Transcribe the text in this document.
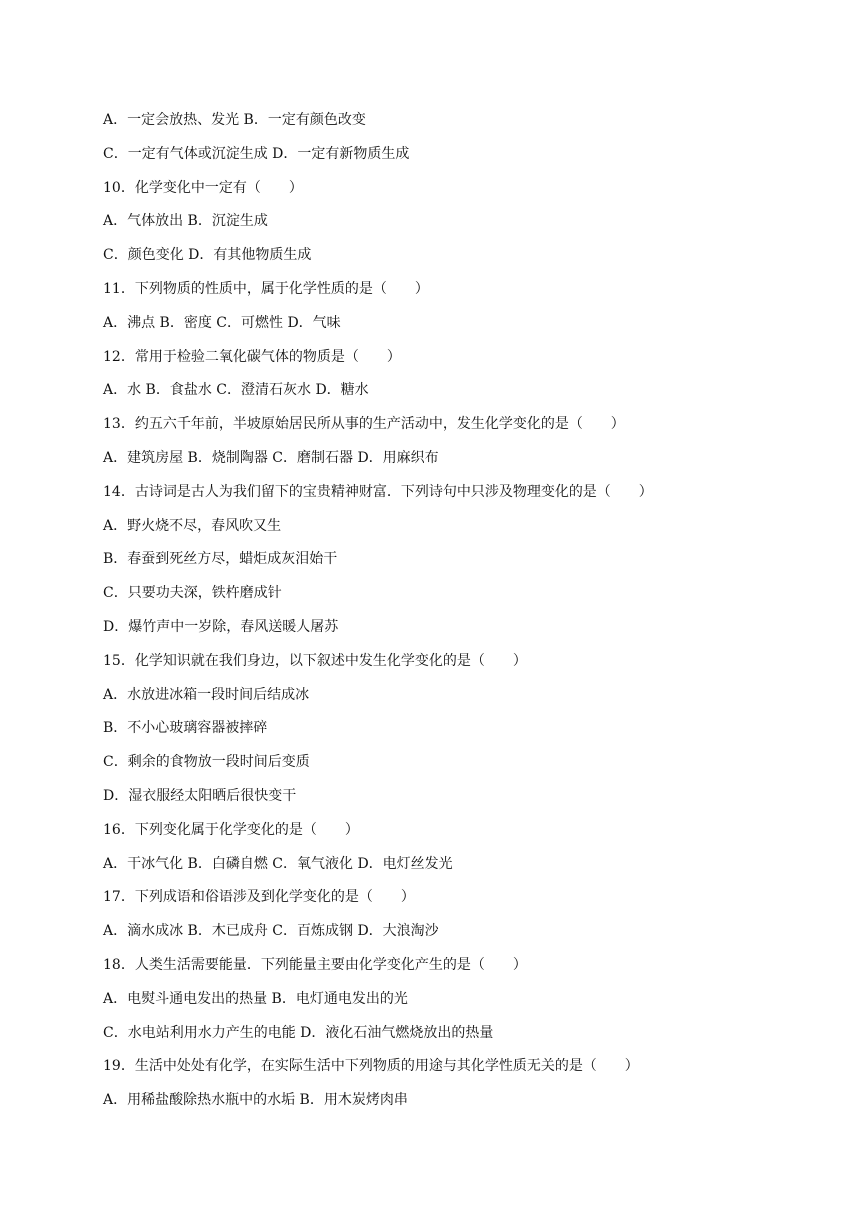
A．一定会放热、发光 B．一定有颜色改变
C．一定有气体或沉淀生成 D．一定有新物质生成
10．化学变化中一定有（　　）
A．气体放出 B．沉淀生成
C．颜色变化 D．有其他物质生成
11．下列物质的性质中，属于化学性质的是（　　）
A．沸点 B．密度 C．可燃性 D．气味
12．常用于检验二氧化碳气体的物质是（　　）
A．水 B．食盐水 C．澄清石灰水 D．糖水
13．约五六千年前，半坡原始居民所从事的生产活动中，发生化学变化的是（　　）
A．建筑房屋 B．烧制陶器 C．磨制石器 D．用麻织布
14．古诗词是古人为我们留下的宝贵精神财富．下列诗句中只涉及物理变化的是（　　）
A．野火烧不尽，春风吹又生
B．春蚕到死丝方尽，蜡炬成灰泪始干
C．只要功夫深，铁杵磨成针
D．爆竹声中一岁除，春风送暖人屠苏
15．化学知识就在我们身边，以下叙述中发生化学变化的是（　　）
A．水放进冰箱一段时间后结成冰
B．不小心玻璃容器被摔碎
C．剩余的食物放一段时间后变质
D．湿衣服经太阳晒后很快变干
16．下列变化属于化学变化的是（　　）
A．干冰气化 B．白磷自燃 C．氧气液化 D．电灯丝发光
17．下列成语和俗语涉及到化学变化的是（　　）
A．滴水成冰 B．木已成舟 C．百炼成钢 D．大浪淘沙
18．人类生活需要能量．下列能量主要由化学变化产生的是（　　）
A．电熨斗通电发出的热量 B．电灯通电发出的光
C．水电站利用水力产生的电能 D．液化石油气燃烧放出的热量
19．生活中处处有化学，在实际生活中下列物质的用途与其化学性质无关的是（　　）
A．用稀盐酸除热水瓶中的水垢 B．用木炭烤肉串
